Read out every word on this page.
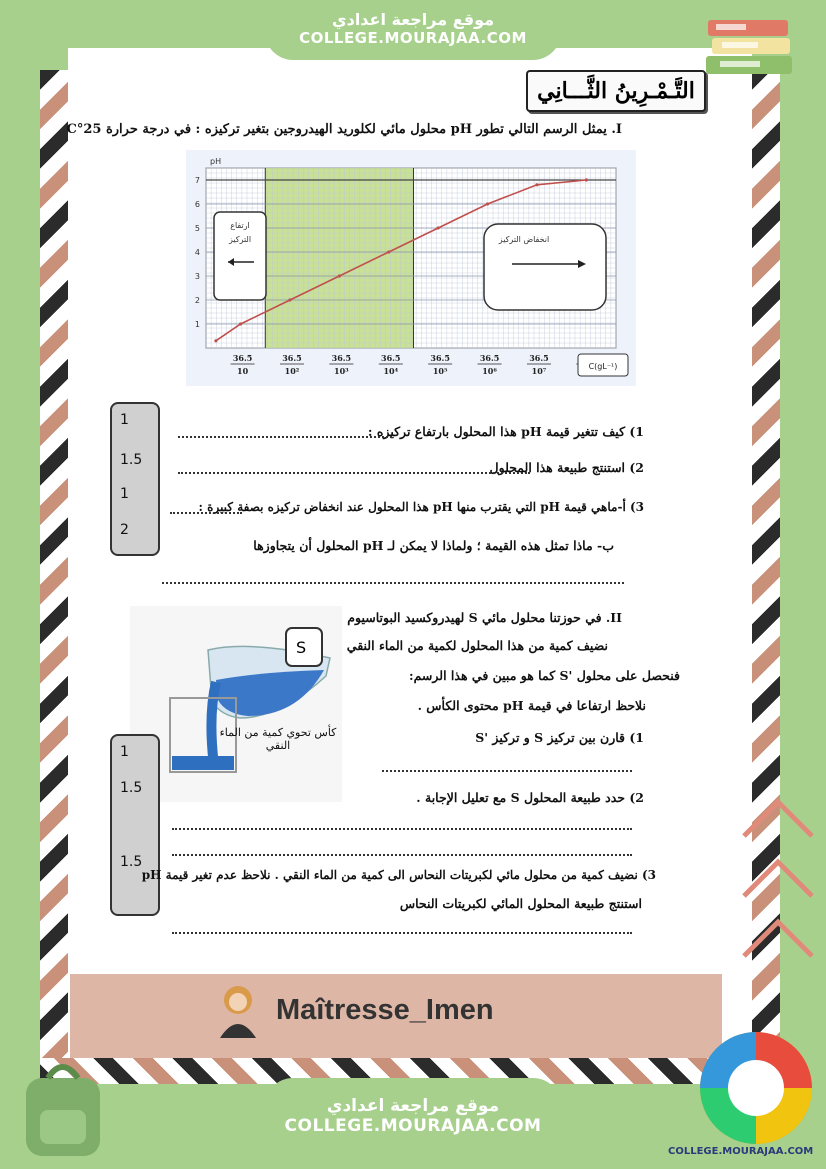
موقع مراجعة اعدادي
COLLEGE.MOURAJAA.COM
التَّـمْـرِينُ الثَّـــانِي
I. يمثل الرسم التالي تطور pH محلول مائي لكلوريد الهيدروجين بتغير تركيزه : في درجة حرارة 25°C
1
2
3
4
5
6
7
pH
ارتفاع
التركيز	انخفاض التركيز
36.5
10
36.5
10²
36.5
10³
36.5
10⁴
36.5
10⁵
36.5
10⁶
36.5
10⁷	C(gL⁻¹)
1
1.5
1
2
1) كيف تتغير قيمة pH هذا المحلول بارتفاع تركيزه :
2) استنتج طبيعة هذا المحلول
3) أ-ماهي قيمة pH التي يقترب منها pH هذا المحلول عند انخفاض تركيزه بصفة كبيرة :
ب- ماذا تمثل هذه القيمة ؛ ولماذا لا يمكن لـ pH المحلول أن يتجاوزها
S
كأس تحوي كمية من الماء النقي
II. في حوزتنا محلول مائي S لهيدروكسيد البوتاسيوم
نضيف كمية من هذا المحلول لكمية من الماء النقي
فنحصل على محلول 'S كما هو مبين في هذا الرسم:
نلاحظ ارتفاعا في قيمة pH محتوى الكأس .
1
1.5
1.5
1) قارن بين تركيز S و تركيز 'S
2) حدد طبيعة المحلول S مع تعليل الإجابة .
3) نضيف كمية من محلول مائي لكبريتات النحاس الى كمية من الماء النقي . نلاحظ عدم تغير قيمة pH
استنتج طبيعة المحلول المائي لكبريتات النحاس
Maîtresse_Imen
موقع مراجعة اعدادي
COLLEGE.MOURAJAA.COM
COLLEGE.MOURAJAA.COM
